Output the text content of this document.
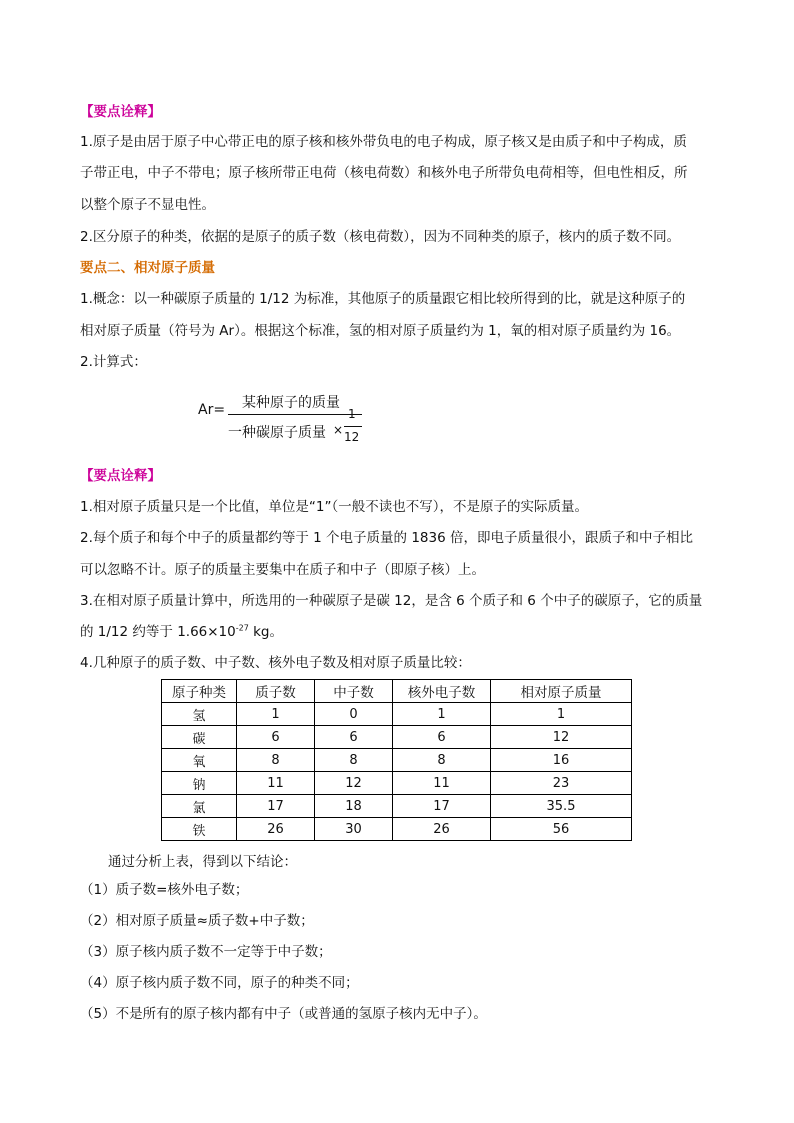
【要点诠释】
1.原子是由居于原子中心带正电的原子核和核外带负电的电子构成，原子核又是由质子和中子构成，质
子带正电，中子不带电；原子核所带正电荷（核电荷数）和核外电子所带负电荷相等，但电性相反，所
以整个原子不显电性。
2.区分原子的种类，依据的是原子的质子数（核电荷数），因为不同种类的原子，核内的质子数不同。
要点二、相对原子质量
1.概念：以一种碳原子质量的 1/12 为标准，其他原子的质量跟它相比较所得到的比，就是这种原子的
相对原子质量（符号为 Ar）。根据这个标准，氢的相对原子质量约为 1，氧的相对原子质量约为 16。
2.计算式：
Ar= 某种原子的质量
一种碳原子质量 ×
1
12
【要点诠释】
1.相对原子质量只是一个比值，单位是“1”（一般不读也不写），不是原子的实际质量。
2.每个质子和每个中子的质量都约等于 1 个电子质量的 1836 倍，即电子质量很小，跟质子和中子相比
可以忽略不计。原子的质量主要集中在质子和中子（即原子核）上。
3.在相对原子质量计算中，所选用的一种碳原子是碳 12，是含 6 个质子和 6 个中子的碳原子，它的质量
的 1/12 约等于 $1.66\times 10^{-27}$ kg。
4.几种原子的质子数、中子数、核外电子数及相对原子质量比较：
原子种类	质子数	中子数	核外电子数	相对原子质量
氢	1	0	1	1
碳	6	6	6	12
氧	8	8	8	16
钠	11	12	11	23
氯	17	18	17	35.5
铁	26	30	26	56
通过分析上表，得到以下结论：
（1）质子数=核外电子数；
（2）相对原子质量≈质子数+中子数；
（3）原子核内质子数不一定等于中子数；
（4）原子核内质子数不同，原子的种类不同；
（5）不是所有的原子核内都有中子（或普通的氢原子核内无中子）。
